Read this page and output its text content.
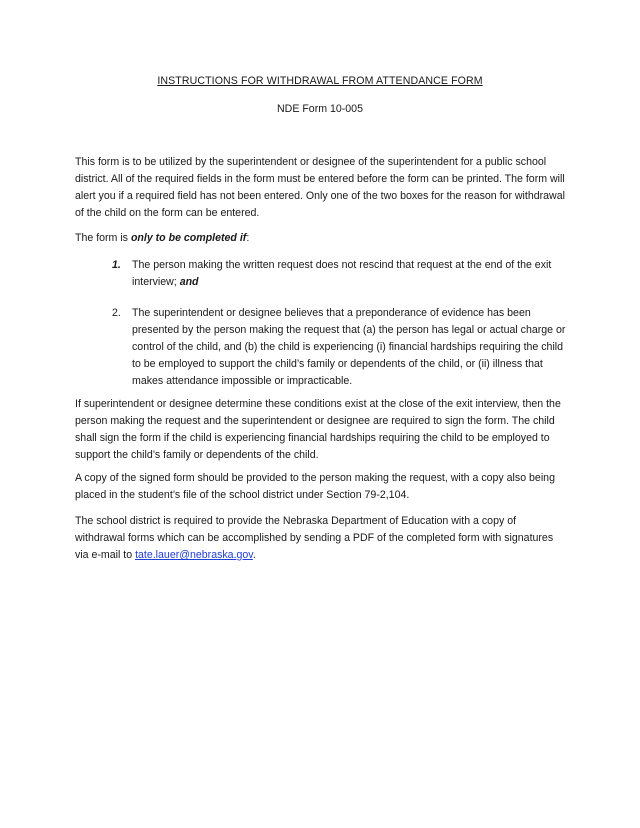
INSTRUCTIONS FOR WITHDRAWAL FROM ATTENDANCE FORM
NDE Form 10-005

This form is to be utilized by the superintendent or designee of the superintendent for a public school district. All of the required fields in the form must be entered before the form can be printed. The form will alert you if a required field has not been entered. Only one of the two boxes for the reason for withdrawal of the child on the form can be entered.

The form is only to be completed if:

1.	The person making the written request does not rescind that request at the end of the exit interview; and
2.	The superintendent or designee believes that a preponderance of evidence has been presented by the person making the request that (a) the person has legal or actual charge or control of the child, and (b) the child is experiencing (i) financial hardships requiring the child to be employed to support the child’s family or dependents of the child, or (ii) illness that makes attendance impossible or impracticable.

If superintendent or designee determine these conditions exist at the close of the exit interview, then the person making the request and the superintendent or designee are required to sign the form. The child shall sign the form if the child is experiencing financial hardships requiring the child to be employed to support the child’s family or dependents of the child.

A copy of the signed form should be provided to the person making the request, with a copy also being placed in the student’s file of the school district under Section 79-2,104.

The school district is required to provide the Nebraska Department of Education with a copy of withdrawal forms which can be accomplished by sending a PDF of the completed form with signatures via e-mail to tate.lauer@nebraska.gov.
